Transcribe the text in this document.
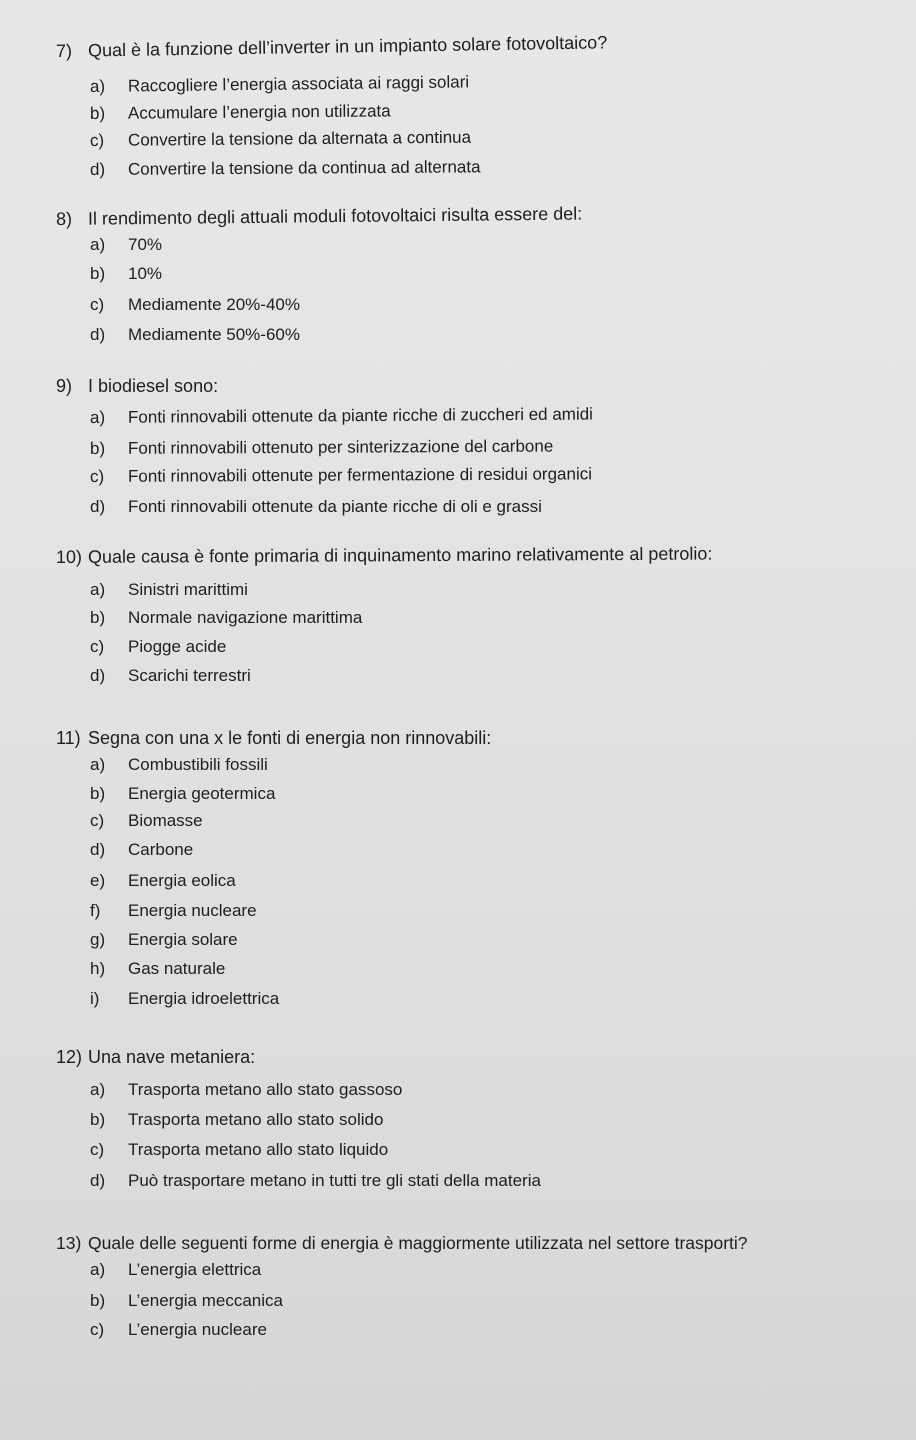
7) Qual è la funzione dell’inverter in un impianto solare fotovoltaico?
a)	Raccogliere l’energia associata ai raggi solari
b)	Accumulare l’energia non utilizzata
c)	Convertire la tensione da alternata a continua
d)	Convertire la tensione da continua ad alternata
8) Il rendimento degli attuali moduli fotovoltaici risulta essere del:
a)	70%
b)	10%
c)	Mediamente 20%-40%
d)	Mediamente 50%-60%
9) I biodiesel sono:
a)	Fonti rinnovabili ottenute da piante ricche di zuccheri ed amidi
b)	Fonti rinnovabili ottenuto per sinterizzazione del carbone
c)	Fonti rinnovabili ottenute per fermentazione di residui organici
d)	Fonti rinnovabili ottenute da piante ricche di oli e grassi
10) Quale causa è fonte primaria di inquinamento marino relativamente al petrolio:
a)	Sinistri marittimi
b)	Normale navigazione marittima
c)	Piogge acide
d)	Scarichi terrestri
11) Segna con una x le fonti di energia non rinnovabili:
a)	Combustibili fossili
b)	Energia geotermica
c)	Biomasse
d)	Carbone
e)	Energia eolica
f)	Energia nucleare
g)	Energia solare
h)	Gas naturale
i)	Energia idroelettrica
12) Una nave metaniera:
a)	Trasporta metano allo stato gassoso
b)	Trasporta metano allo stato solido
c)	Trasporta metano allo stato liquido
d)	Può trasportare metano in tutti tre gli stati della materia
13) Quale delle seguenti forme di energia è maggiormente utilizzata nel settore trasporti?
a)	L’energia elettrica
b)	L’energia meccanica
c)	L’energia nucleare
